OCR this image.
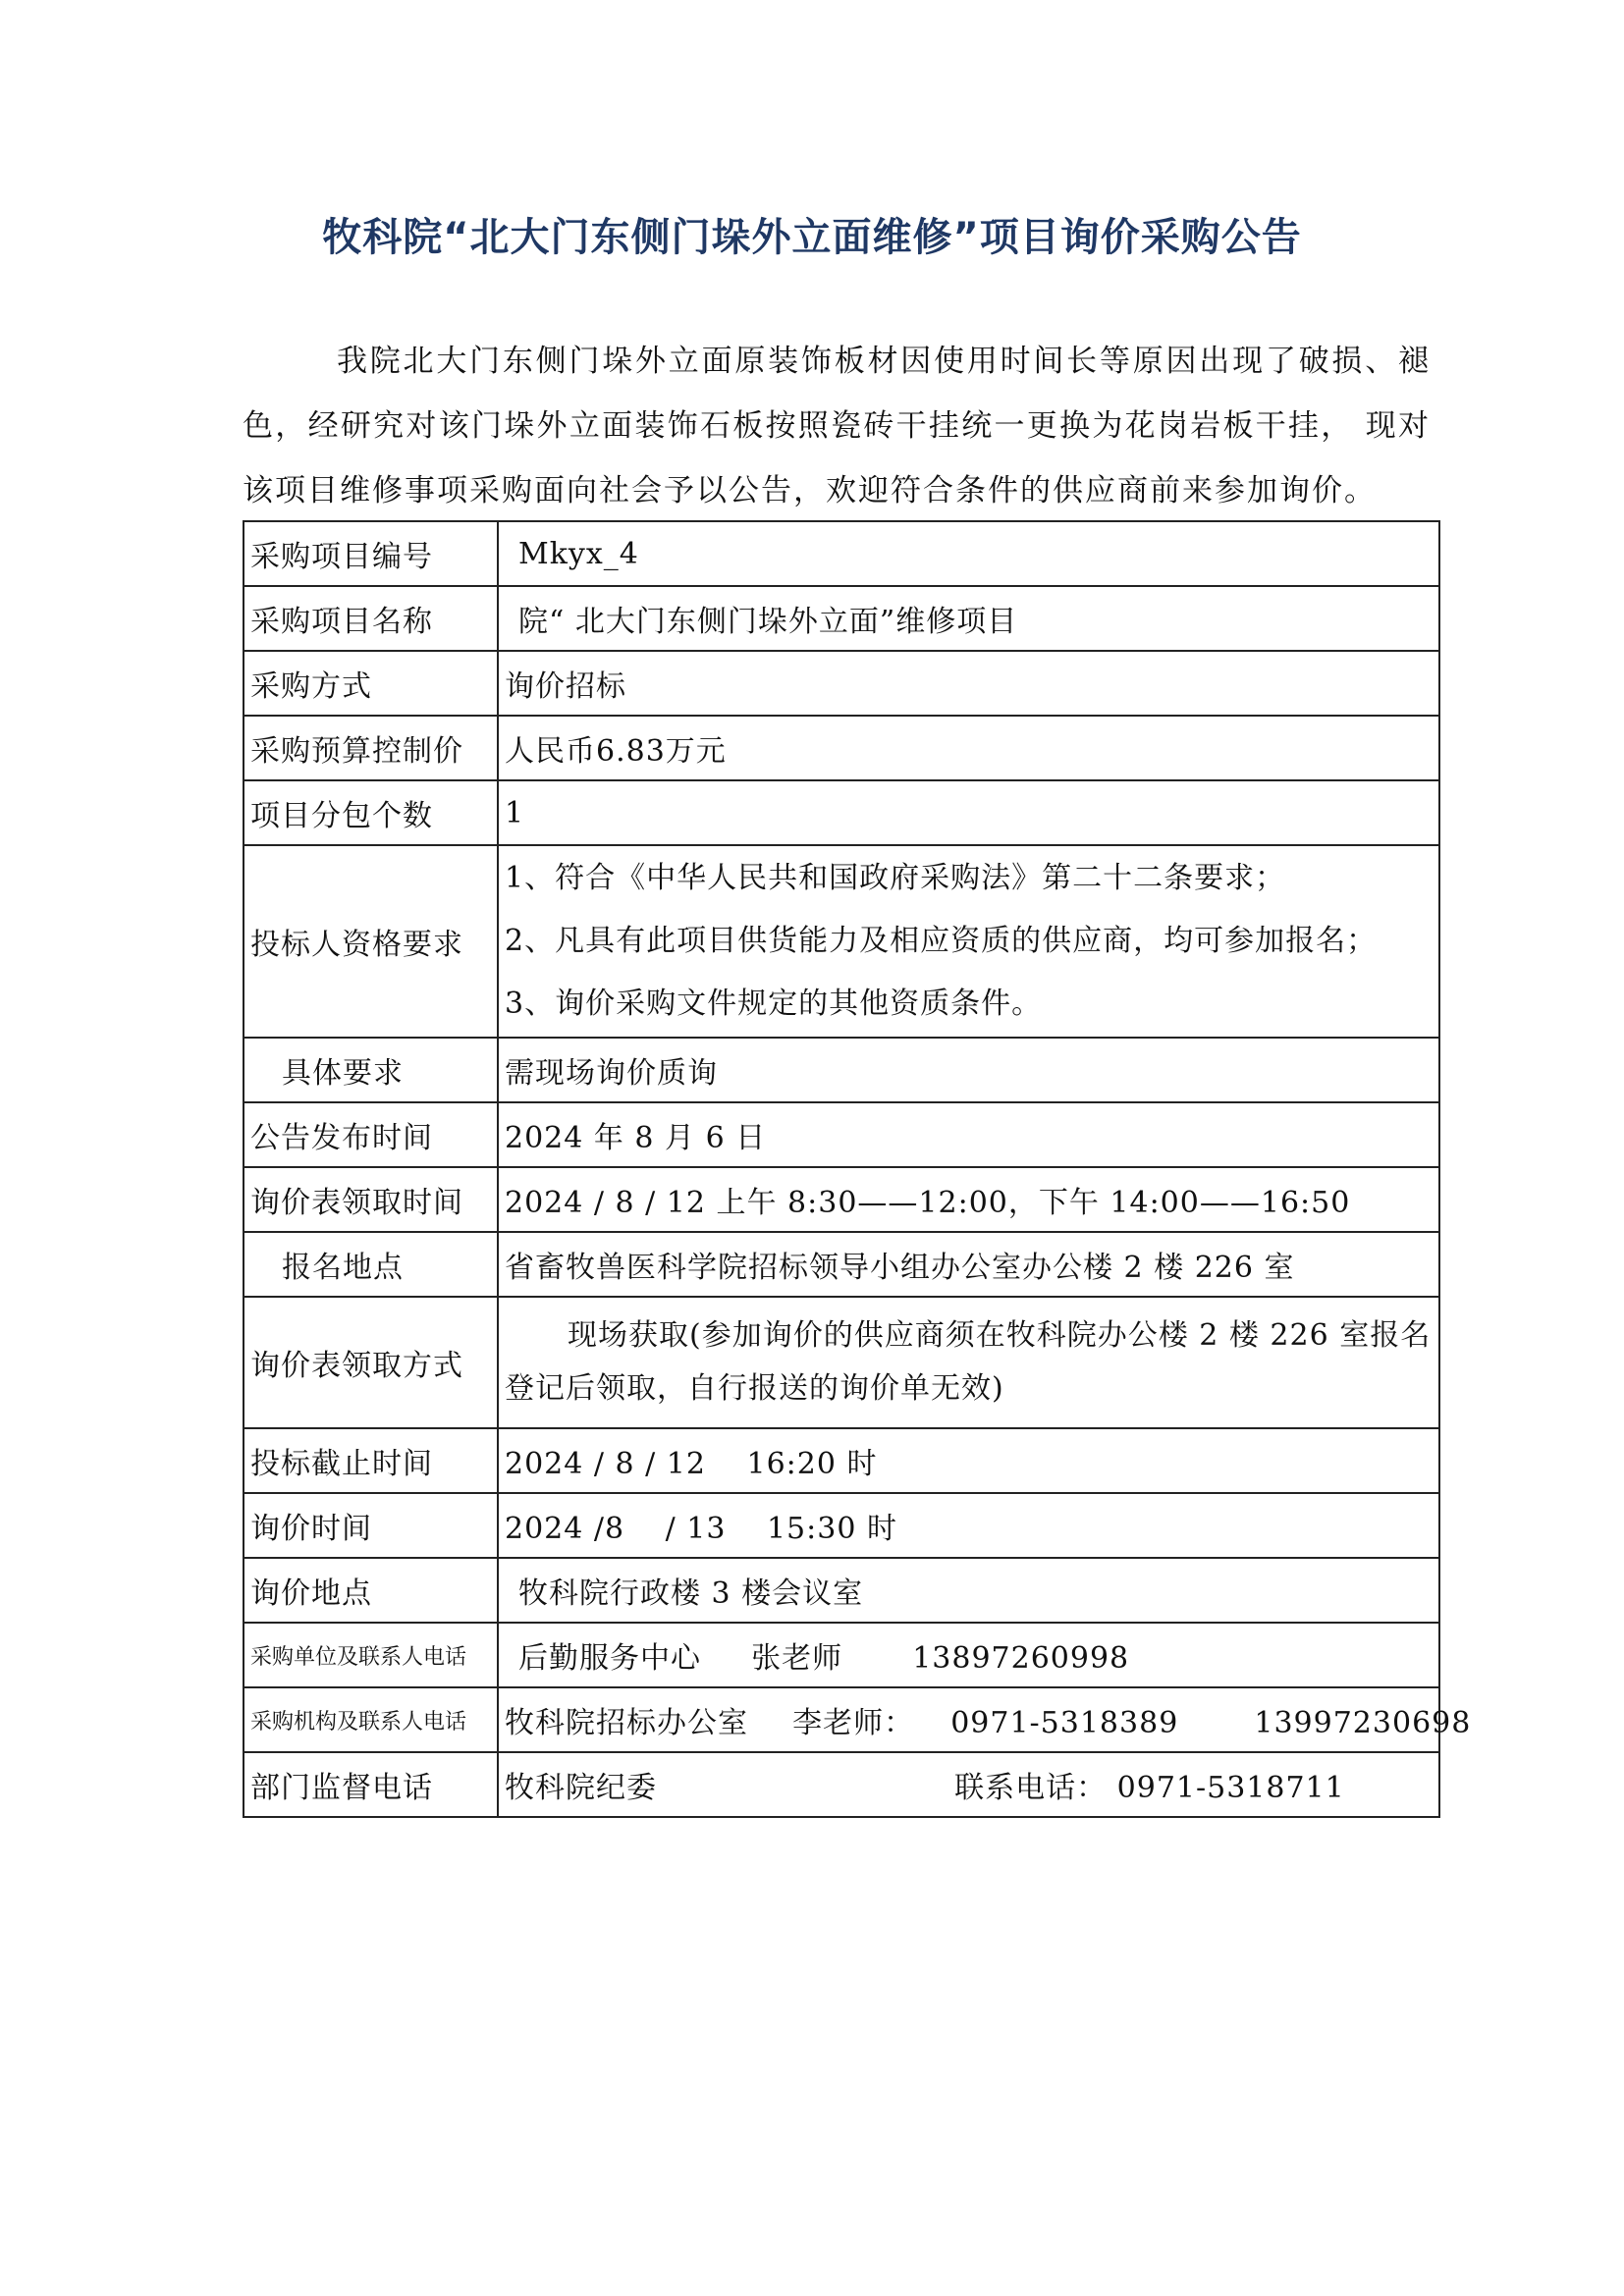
牧科院“北大门东侧门垛外立面维修”项目询价采购公告
我院北大门东侧门垛外立面原装饰板材因使用时间长等原因出现了破损、褪色，经研究对该门垛外立面装饰石板按照瓷砖干挂统一更换为花岗岩板干挂， 现对该项目维修事项采购面向社会予以公告，欢迎符合条件的供应商前来参加询价。
采购项目编号	Mkyx_4
采购项目名称	院“ 北大门东侧门垛外立面”维修项目
采购方式	询价招标
采购预算控制价	人民币6.83万元
项目分包个数	1
投标人资格要求	1、符合《中华人民共和国政府采购法》第二十二条要求；
2、凡具有此项目供货能力及相应资质的供应商，均可参加报名；
3、询价采购文件规定的其他资质条件。

具体要求	需现场询价质询
公告发布时间	2024 年 8 月 6 日
询价表领取时间	2024 / 8 / 12 上午 8:30——12:00，下午 14:00——16:50
报名地点	省畜牧兽医科学院招标领导小组办公室办公楼 2 楼 226 室
询价表领取方式	现场获取(参加询价的供应商须在牧科院办公楼 2 楼 226 室报名登记后领取，自行报送的询价单无效)
投标截止时间	2024 / 8 / 12　 16:20 时
询价时间	2024 /8 　/ 13　 15:30 时
询价地点	牧科院行政楼 3 楼会议室
采购单位及联系人电话	后勤服务中心 张老师 13897260998
采购机构及联系人电话	牧科院招标办公室 李老师： 0971-5318389 13997230698
部门监督电话	牧科院纪委 联系电话： 0971-5318711
